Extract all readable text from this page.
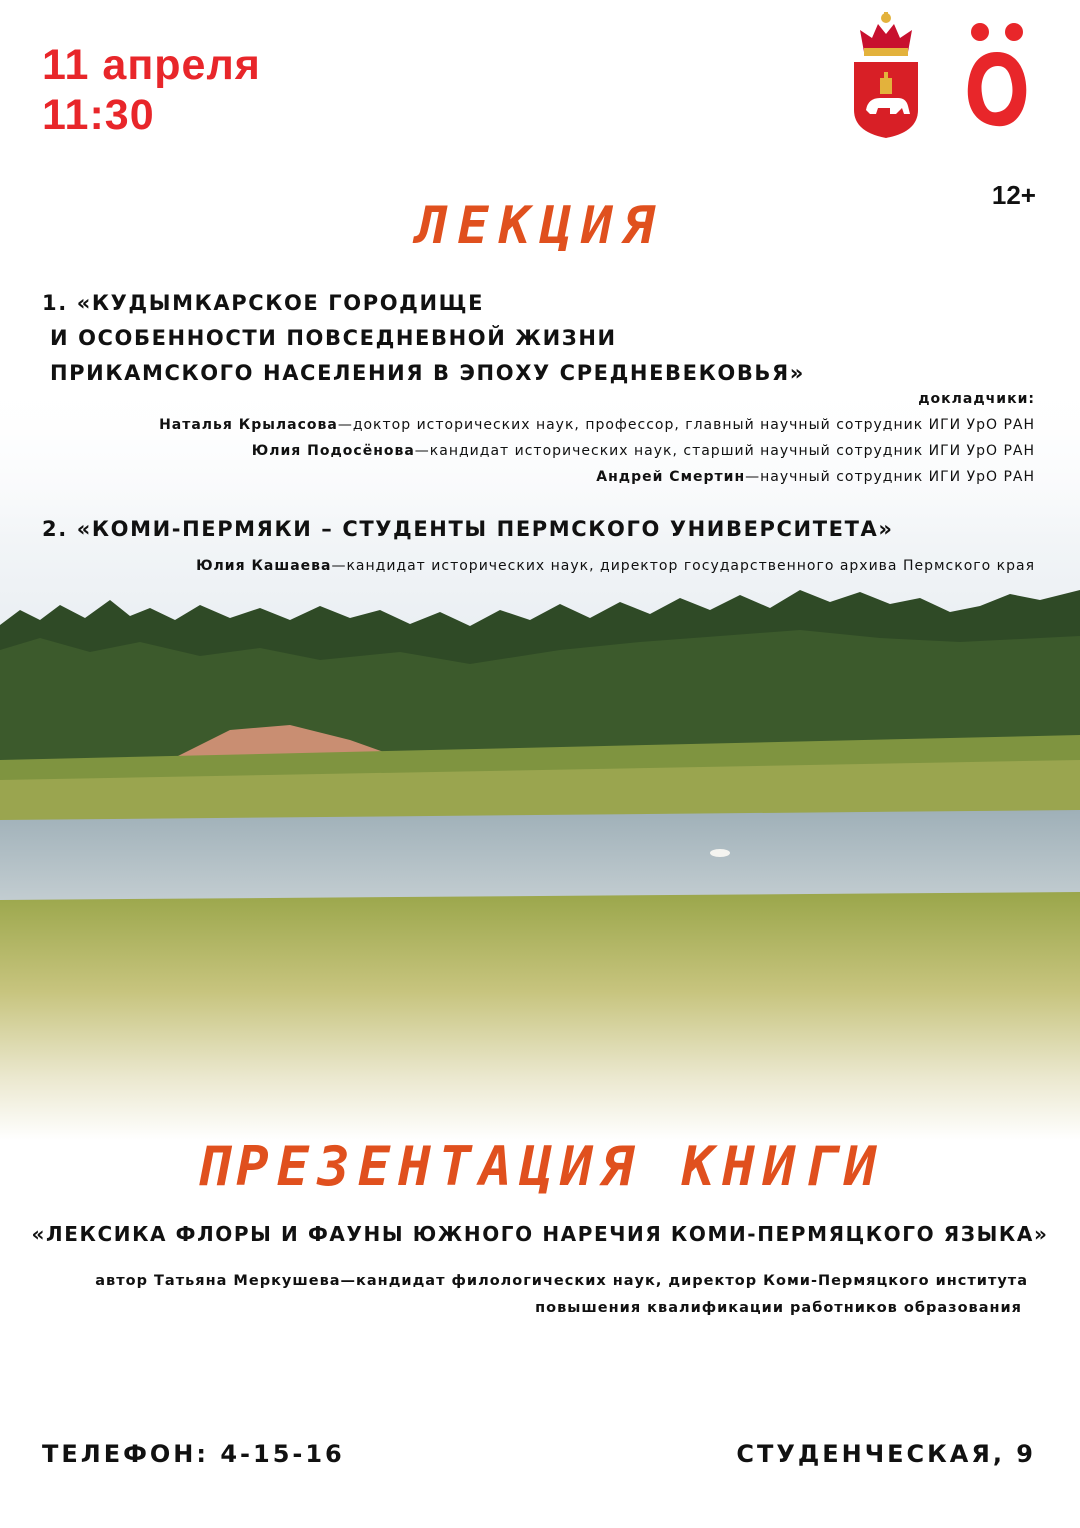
11 апреля
11:30
12+
ЛЕКЦИЯ
1. «КУДЫМКАРСКОЕ ГОРОДИЩЕ
И ОСОБЕННОСТИ ПОВСЕДНЕВНОЙ ЖИЗНИ
ПРИКАМСКОГО НАСЕЛЕНИЯ В ЭПОХУ СРЕДНЕВЕКОВЬЯ»
докладчики:
Наталья Крыласова—доктор исторических наук, профессор, главный научный сотрудник ИГИ УрО РАН
Юлия Подосёнова—кандидат исторических наук, старший научный сотрудник ИГИ УрО РАН
Андрей Смертин—научный сотрудник ИГИ УрО РАН
2. «КОМИ-ПЕРМЯКИ – СТУДЕНТЫ ПЕРМСКОГО УНИВЕРСИТЕТА»
Юлия Кашаева—кандидат исторических наук, директор государственного архива Пермского края
ПРЕЗЕНТАЦИЯ КНИГИ
«ЛЕКСИКА ФЛОРЫ И ФАУНЫ ЮЖНОГО НАРЕЧИЯ КОМИ-ПЕРМЯЦКОГО ЯЗЫКА»
автор Татьяна Меркушева—кандидат филологических наук, директор Коми-Пермяцкого института
повышения квалификации работников образования
ТЕЛЕФОН: 4-15-16	СТУДЕНЧЕСКАЯ, 9
